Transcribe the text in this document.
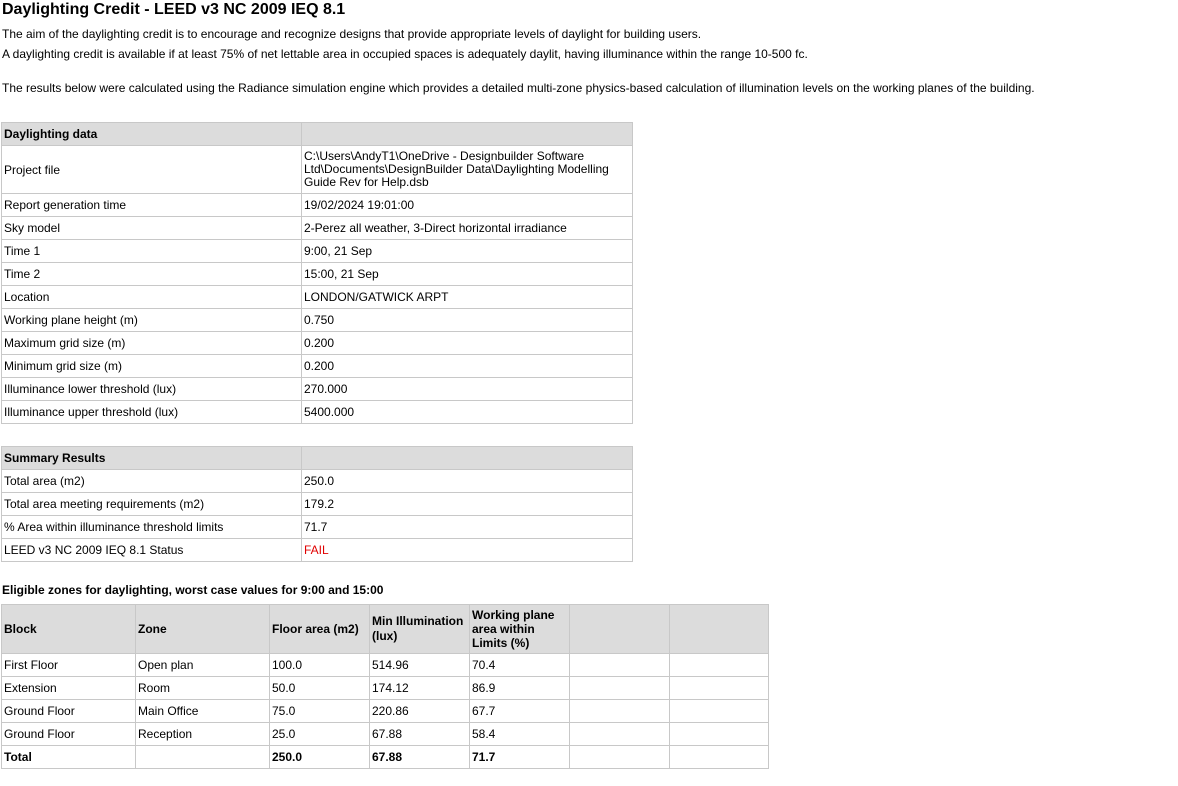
Daylighting Credit - LEED v3 NC 2009 IEQ 8.1

The aim of the daylighting credit is to encourage and recognize designs that provide appropriate levels of daylight for building users.

A daylighting credit is available if at least 75% of net lettable area in occupied spaces is adequately daylit, having illuminance within the range 10-500 fc.

The results below were calculated using the Radiance simulation engine which provides a detailed multi-zone physics-based calculation of illumination levels on the working planes of the building.

Daylighting data	
Project file	C:\Users\AndyT1\OneDrive - Designbuilder Software Ltd\Documents\DesignBuilder Data\Daylighting Modelling Guide Rev for Help.dsb
Report generation time	19/02/2024 19:01:00
Sky model	2-Perez all weather, 3-Direct horizontal irradiance
Time 1	9:00, 21 Sep
Time 2	15:00, 21 Sep
Location	LONDON/GATWICK ARPT
Working plane height (m)	0.750
Maximum grid size (m)	0.200
Minimum grid size (m)	0.200
Illuminance lower threshold (lux)	270.000
Illuminance upper threshold (lux)	5400.000
Summary Results	
Total area (m2)	250.0
Total area meeting requirements (m2)	179.2
% Area within illuminance threshold limits	71.7
LEED v3 NC 2009 IEQ 8.1 Status	FAIL

Eligible zones for daylighting, worst case values for 9:00 and 15:00

Block	Zone	Floor area (m2)	Min Illumination (lux)	Working plane area within Limits (%)		
First Floor	Open plan	100.0	514.96	70.4		
Extension	Room	50.0	174.12	86.9		
Ground Floor	Main Office	75.0	220.86	67.7		
Ground Floor	Reception	25.0	67.88	58.4		
Total		250.0	67.88	71.7		
